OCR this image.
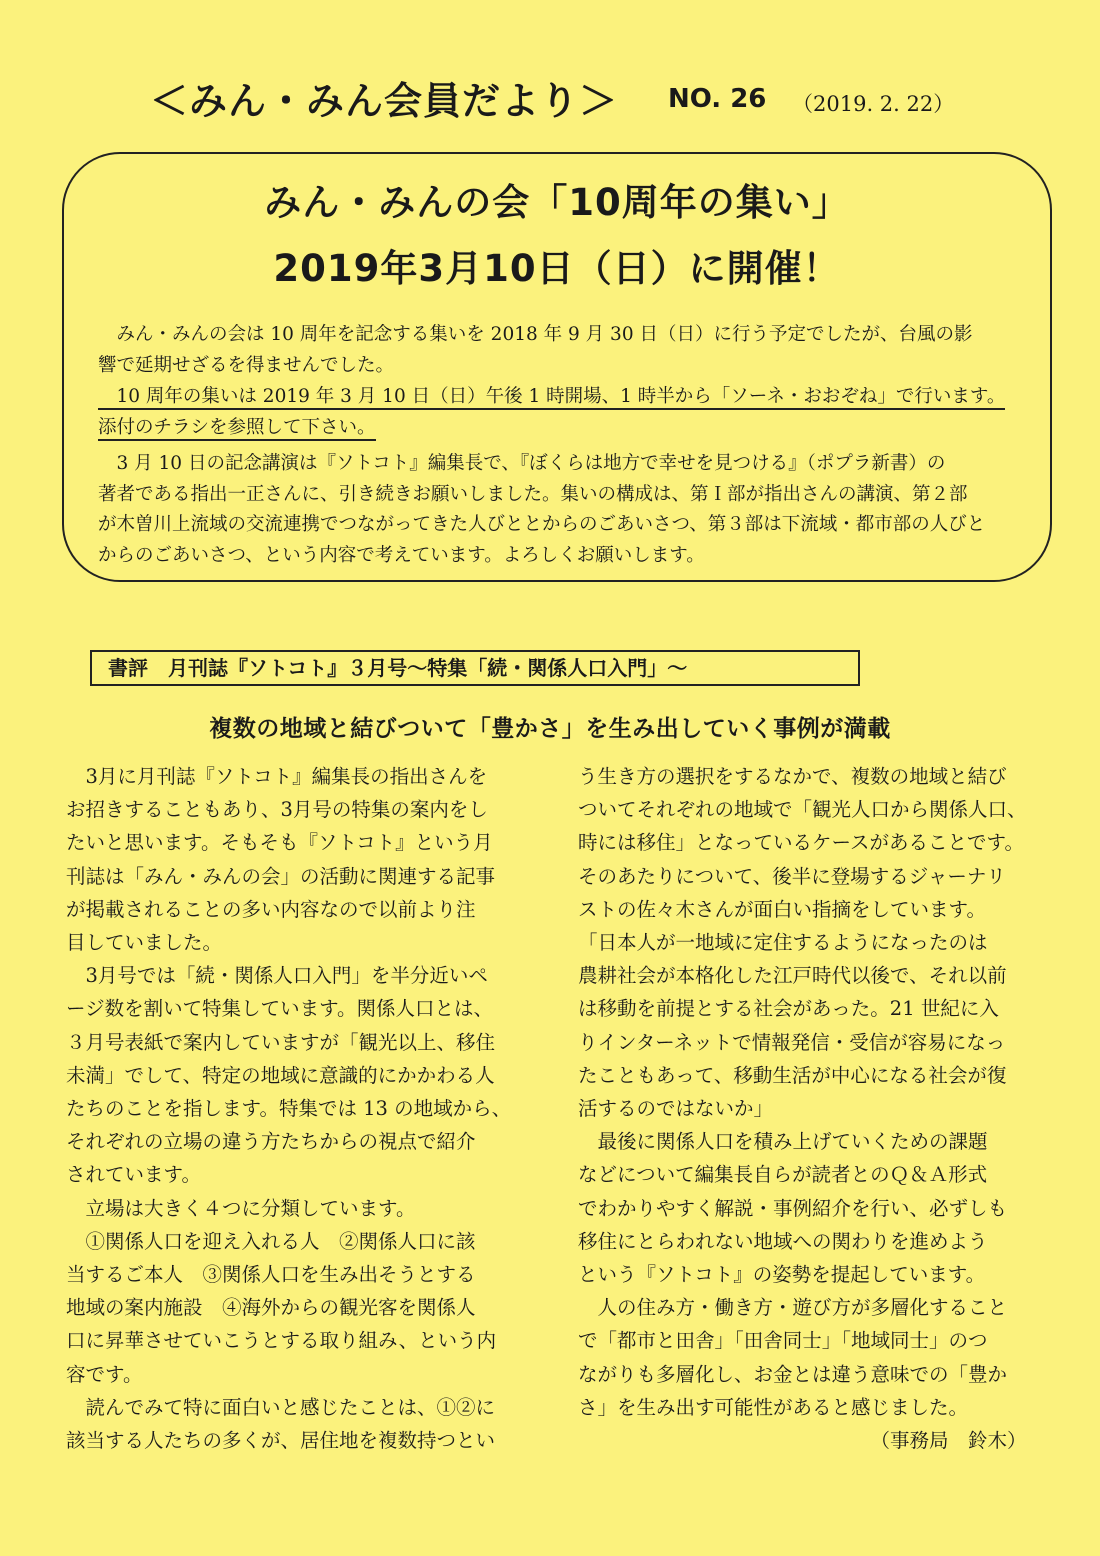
＜みん・みん会員だより＞ NO. 26 （2019. 2. 22）
みん・みんの会「10周年の集い」
2019年3月10日（日）に開催！
　みん・みんの会は 10 周年を記念する集いを 2018 年 9 月 30 日（日）に行う予定でしたが、台風の影
響で延期せざるを得ませんでした。
　10 周年の集いは 2019 年 3 月 10 日（日）午後 1 時開場、1 時半から「ソーネ・おおぞね」で行います。
添付のチラシを参照して下さい。
　3 月 10 日の記念講演は『ソトコト』編集長で、『ぼくらは地方で幸せを見つける』（ポプラ新書）の
著者である指出一正さんに、引き続きお願いしました。集いの構成は、第Ｉ部が指出さんの講演、第２部
が木曽川上流域の交流連携でつながってきた人びととからのごあいさつ、第３部は下流域・都市部の人びと
からのごあいさつ、という内容で考えています。よろしくお願いします。
書評　月刊誌『ソトコト』３月号～特集「続・関係人口入門」～
複数の地域と結びついて「豊かさ」を生み出していく事例が満載
　3月に月刊誌『ソトコト』編集長の指出さんを
お招きすることもあり、3月号の特集の案内をし
たいと思います。そもそも『ソトコト』という月
刊誌は「みん・みんの会」の活動に関連する記事
が掲載されることの多い内容なので以前より注
目していました。
　3月号では「続・関係人口入門」を半分近いペ
ージ数を割いて特集しています。関係人口とは、
３月号表紙で案内していますが「観光以上、移住
未満」でして、特定の地域に意識的にかかわる人
たちのことを指します。特集では 13 の地域から、
それぞれの立場の違う方たちからの視点で紹介
されています。
　立場は大きく４つに分類しています。
　①関係人口を迎え入れる人　②関係人口に該
当するご本人　③関係人口を生み出そうとする
地域の案内施設　④海外からの観光客を関係人
口に昇華させていこうとする取り組み、という内
容です。
　読んでみて特に面白いと感じたことは、①②に
該当する人たちの多くが、居住地を複数持つとい
う生き方の選択をするなかで、複数の地域と結び
ついてそれぞれの地域で「観光人口から関係人口、
時には移住」となっているケースがあることです。
そのあたりについて、後半に登場するジャーナリ
ストの佐々木さんが面白い指摘をしています。
「日本人が一地域に定住するようになったのは
農耕社会が本格化した江戸時代以後で、それ以前
は移動を前提とする社会があった。21 世紀に入
りインターネットで情報発信・受信が容易になっ
たこともあって、移動生活が中心になる社会が復
活するのではないか」
　最後に関係人口を積み上げていくための課題
などについて編集長自らが読者とのＱ＆Ａ形式
でわかりやすく解説・事例紹介を行い、必ずしも
移住にとらわれない地域への関わりを進めよう
という『ソトコト』の姿勢を提起しています。
　人の住み方・働き方・遊び方が多層化すること
で「都市と田舎」「田舎同士」「地域同士」のつ
ながりも多層化し、お金とは違う意味での「豊か
さ」を生み出す可能性があると感じました。
（事務局　鈴木）
